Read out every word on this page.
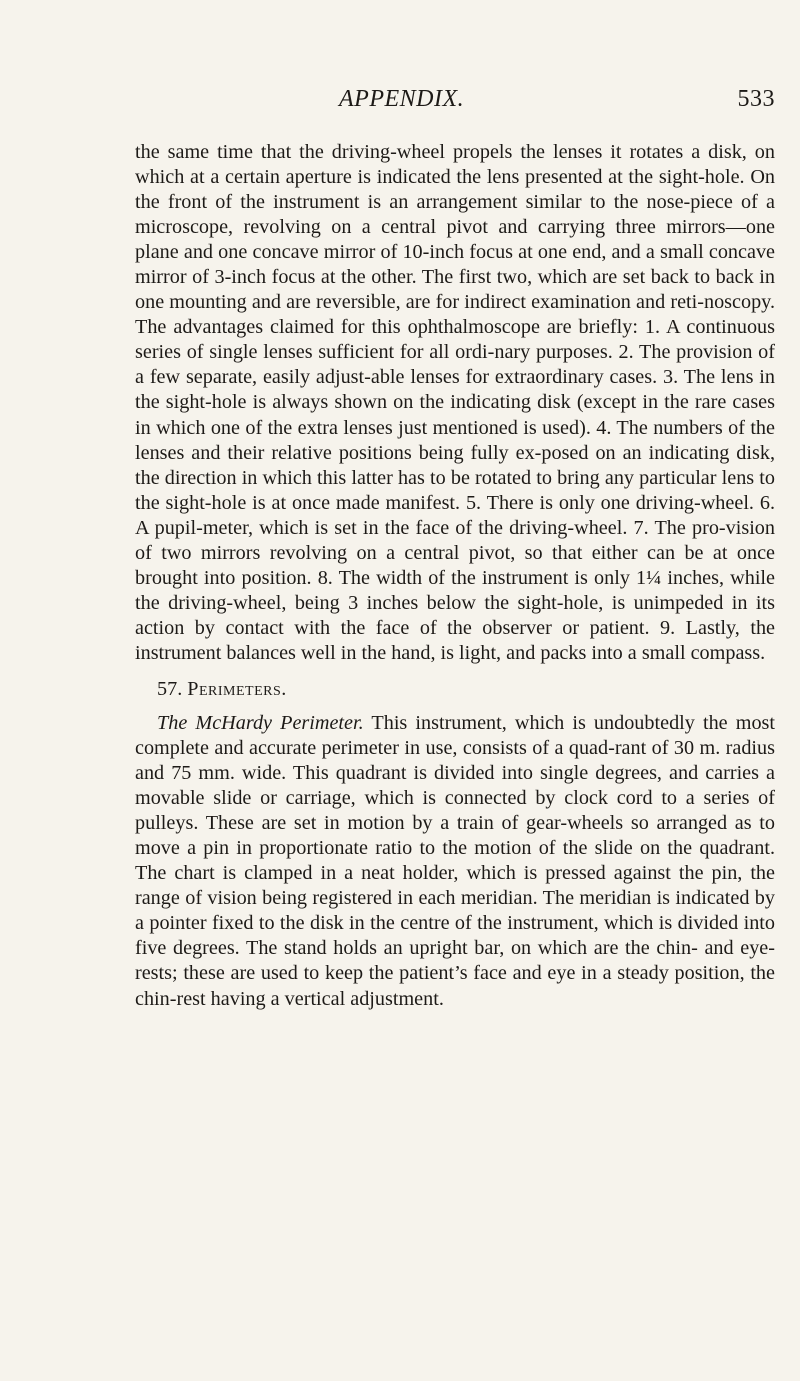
APPENDIX.	533

the same time that the driving-wheel propels the lenses it rotates a disk, on which at a certain aperture is indicated the lens presented at the sight-hole. On the front of the instrument is an arrangement similar to the nose-piece of a microscope, revolving on a central pivot and carrying three mirrors—one plane and one concave mirror of 10-inch focus at one end, and a small concave mirror of 3-inch focus at the other. The first two, which are set back to back in one mounting and are reversible, are for indirect examination and reti-noscopy. The advantages claimed for this ophthalmoscope are briefly: 1. A continuous series of single lenses sufficient for all ordi-nary purposes. 2. The provision of a few separate, easily adjust-able lenses for extraordinary cases. 3. The lens in the sight-hole is always shown on the indicating disk (except in the rare cases in which one of the extra lenses just mentioned is used). 4. The numbers of the lenses and their relative positions being fully ex-posed on an indicating disk, the direction in which this latter has to be rotated to bring any particular lens to the sight-hole is at once made manifest. 5. There is only one driving-wheel. 6. A pupil-meter, which is set in the face of the driving-wheel. 7. The pro-vision of two mirrors revolving on a central pivot, so that either can be at once brought into position. 8. The width of the instrument is only 1¼ inches, while the driving-wheel, being 3 inches below the sight-hole, is unimpeded in its action by contact with the face of the observer or patient. 9. Lastly, the instrument balances well in the hand, is light, and packs into a small compass.

57. Perimeters.

The McHardy Perimeter. This instrument, which is undoubtedly the most complete and accurate perimeter in use, consists of a quad-rant of 30 m. radius and 75 mm. wide. This quadrant is divided into single degrees, and carries a movable slide or carriage, which is connected by clock cord to a series of pulleys. These are set in motion by a train of gear-wheels so arranged as to move a pin in proportionate ratio to the motion of the slide on the quadrant. The chart is clamped in a neat holder, which is pressed against the pin, the range of vision being registered in each meridian. The meridian is indicated by a pointer fixed to the disk in the centre of the instrument, which is divided into five degrees. The stand holds an upright bar, on which are the chin- and eye-rests; these are used to keep the patient’s face and eye in a steady position, the chin-rest having a vertical adjustment.
